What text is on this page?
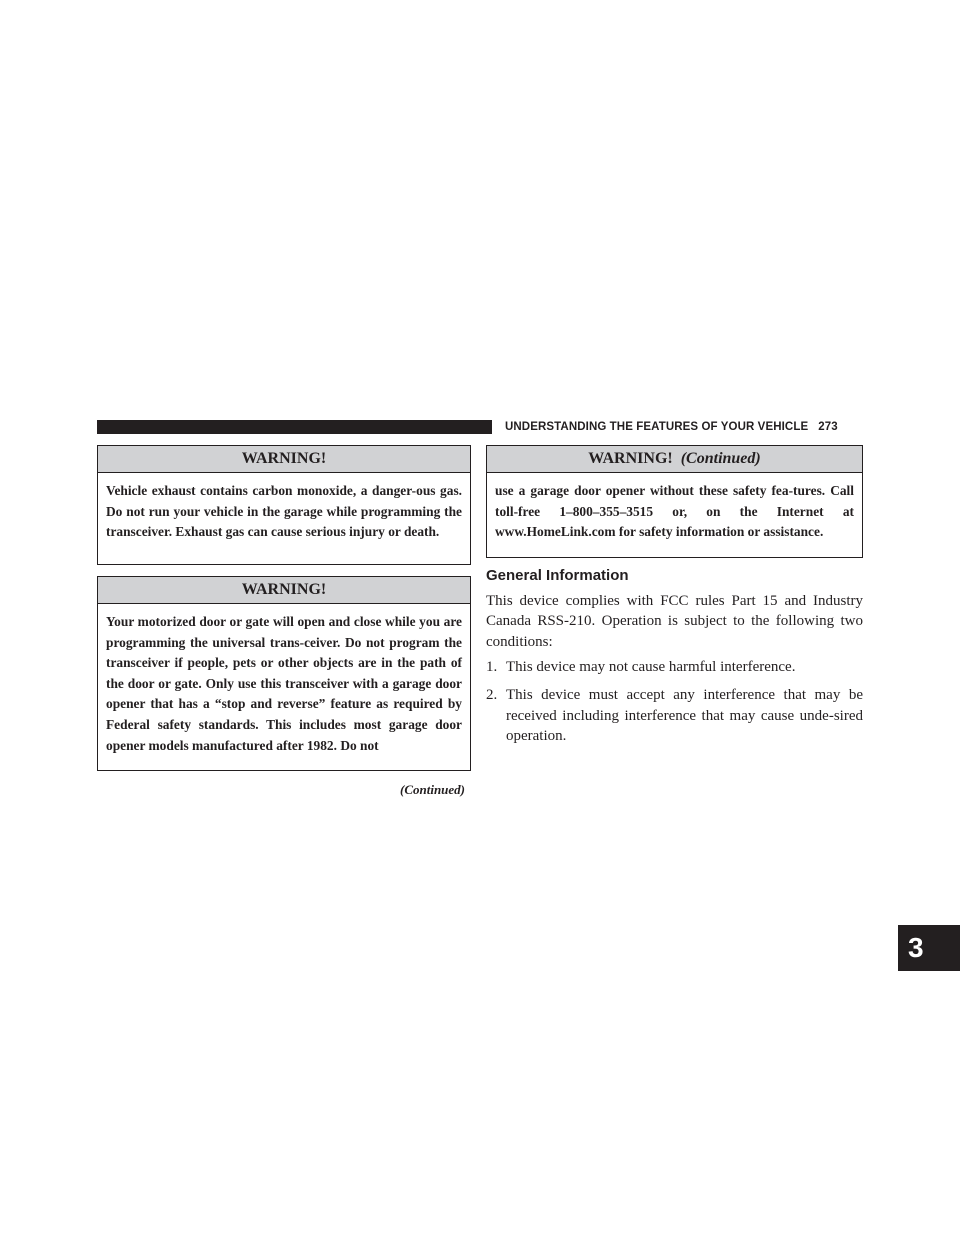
UNDERSTANDING THE FEATURES OF YOUR VEHICLE 273
3
WARNING!
Vehicle exhaust contains carbon monoxide, a danger-ous gas. Do not run your vehicle in the garage while programming the transceiver. Exhaust gas can cause serious injury or death.
WARNING!
Your motorized door or gate will open and close while you are programming the universal trans-ceiver. Do not program the transceiver if people, pets or other objects are in the path of the door or gate. Only use this transceiver with a garage door opener that has a “stop and reverse” feature as required by Federal safety standards. This includes most garage door opener models manufactured after 1982. Do not
(Continued)
WARNING! (Continued)
use a garage door opener without these safety fea-tures. Call toll-free 1–800–355–3515 or, on the Internet at www.HomeLink.com for safety information or assistance.
General Information
This device complies with FCC rules Part 15 and Industry Canada RSS-210. Operation is subject to the following two conditions:
1. This device may not cause harmful interference.
2. This device must accept any interference that may be received including interference that may cause unde-sired operation.
